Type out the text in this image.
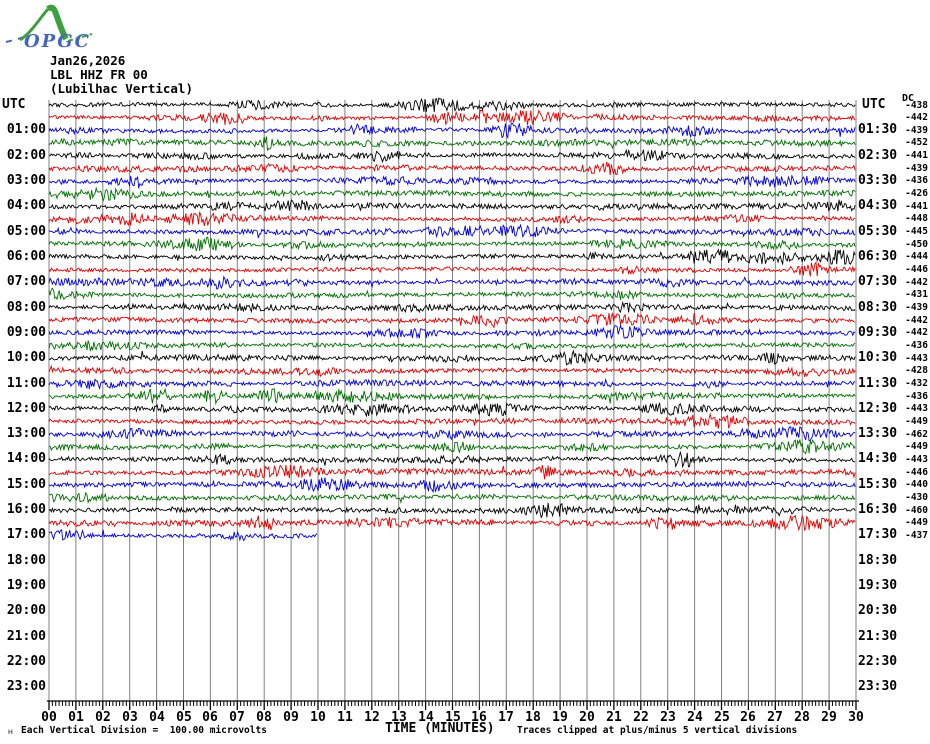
OPGC
Jan26,2026
LBL HHZ FR 00
(Lubilhac Vertical)
UTC	UTC DC
01:00
02:00
03:00
04:00
05:00
06:00
07:00
08:00
09:00
10:00
11:00
12:00
13:00
14:00
15:00
16:00
17:00
18:00
19:00
20:00
21:00
22:00
23:00
01:30
02:30
03:30
04:30
05:30
06:30
07:30
08:30
09:30
10:30
11:30
12:30
13:30
14:30
15:30
16:30
17:30
18:30
19:30
20:30
21:30
22:30
23:30
-438
-442
-439
-452
-441
-439
-436
-426
-441
-448
-445
-450
-444
-446
-442
-431
-439
-442
-442
-436
-443
-428
-432
-436
-443
-449
-462
-449
-443
-446
-440
-430
-460
-449
-437
00 01 02 03 04 05 06 07 08 09 10 11 12 13 14 15 16 17 18 19 20 21 22 23 24 25 26 27 28 29 30
TIME (MINUTES)
Each Vertical Division =  100.00 microvolts	Traces clipped at plus/minus 5 vertical divisions
ʜ
